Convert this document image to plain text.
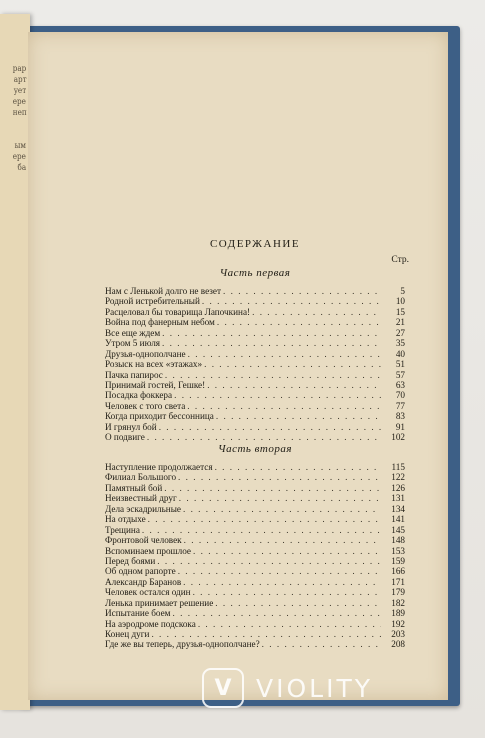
рар
арт
ует
ере
неп
ым
ере
ба
СОДЕРЖАНИЕ
Стр.
Часть первая
Нам с Ленькой долго не везет . . .	5
Родной истребительный . . .	10
Расцеловал бы товарища Лапочкина! . . .	15
Война под фанерным небом . . .	21
Все еще ждем . . .	27
Утром 5 июля . . .	35
Друзья-однополчане . . .	40
Розыск на всех «этажах» . . .	51
Пачка папирос . . .	57
Принимай гостей, Гешке! . . .	63
Посадка фоккера . . .	70
Человек с того света . . .	77
Когда приходит бессонница . . .	83
И грянул бой . . .	91
О подвиге . . .	102
Часть вторая
Наступление продолжается . . .	115
Филиал Большого . . .	122
Памятный бой . . .	126
Неизвестный друг . . .	131
Дела эскадрильные . . .	134
На отдыхе . . .	141
Трещина . . .	145
Фронтовой человек . . .	148
Вспоминаем прошлое . . .	153
Перед боями . . .	159
Об одном рапорте . . .	166
Александр Баранов . . .	171
Человек остался один . . .	179
Ленька принимает решение . . .	182
Испытание боем . . .	189
На аэродроме подскока . . .	192
Конец дуги . . .	203
Где же вы теперь, друзья-однополчане? . . .	208
V VIOLITY
